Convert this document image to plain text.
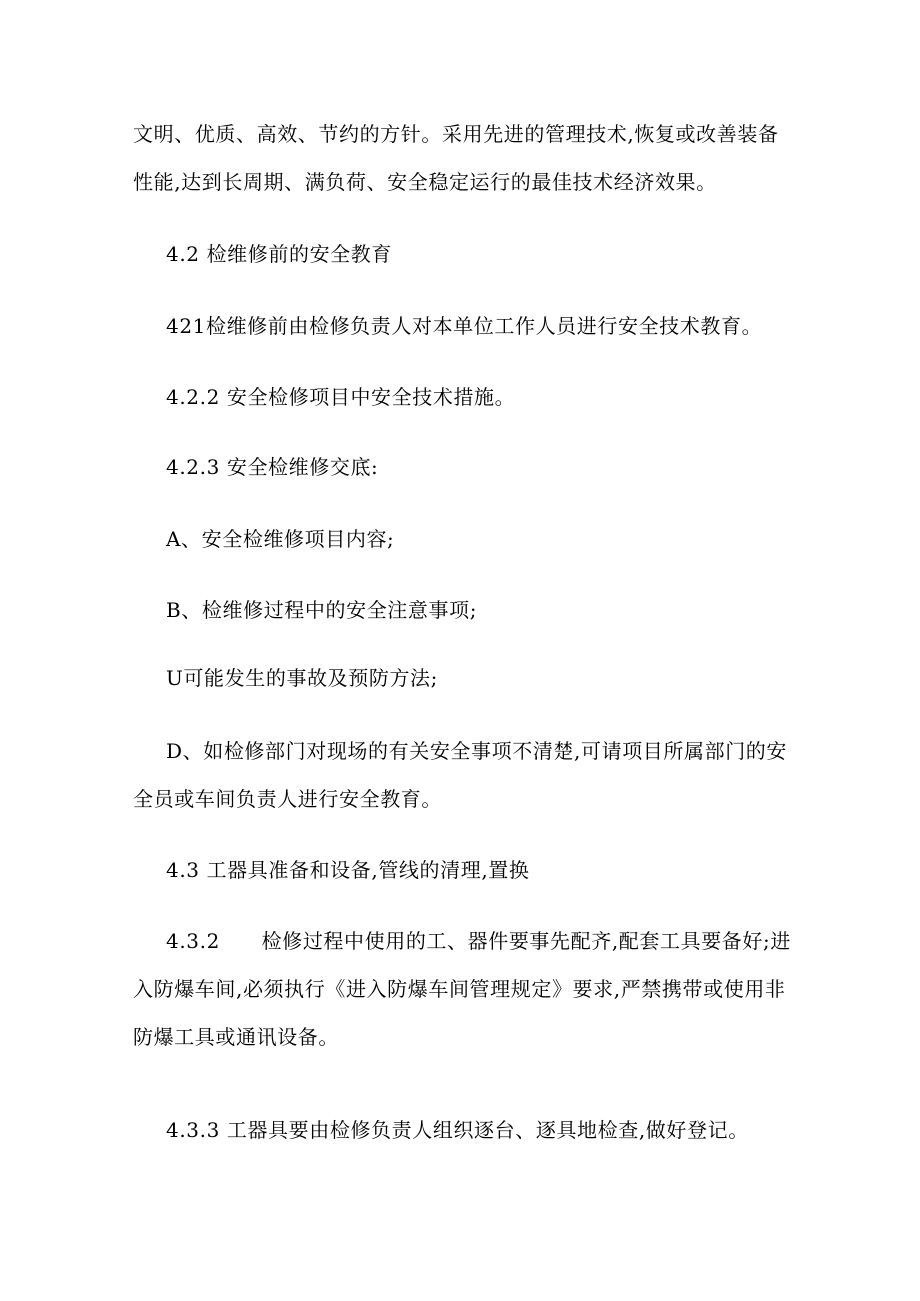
文明、优质、高效、节约的方针。采用先进的管理技术,恢复或改善装备性能,达到长周期、满负荷、安全稳定运行的最佳技术经济效果。

4.2 检维修前的安全教育

421检维修前由检修负责人对本单位工作人员进行安全技术教育。

4.2.2 安全检修项目中安全技术措施。

4.2.3 安全检维修交底:

A、安全检维修项目内容;

B、检维修过程中的安全注意事项;

U可能发生的事故及预防方法;

D、如检修部门对现场的有关安全事项不清楚,可请项目所属部门的安全员或车间负责人进行安全教育。

4.3 工器具准备和设备,管线的清理,置换

4.3.2      检修过程中使用的工、器件要事先配齐,配套工具要备好;进入防爆车间,必须执行《进入防爆车间管理规定》要求,严禁携带或使用非防爆工具或通讯设备。

4.3.3 工器具要由检修负责人组织逐台、逐具地检查,做好登记。
